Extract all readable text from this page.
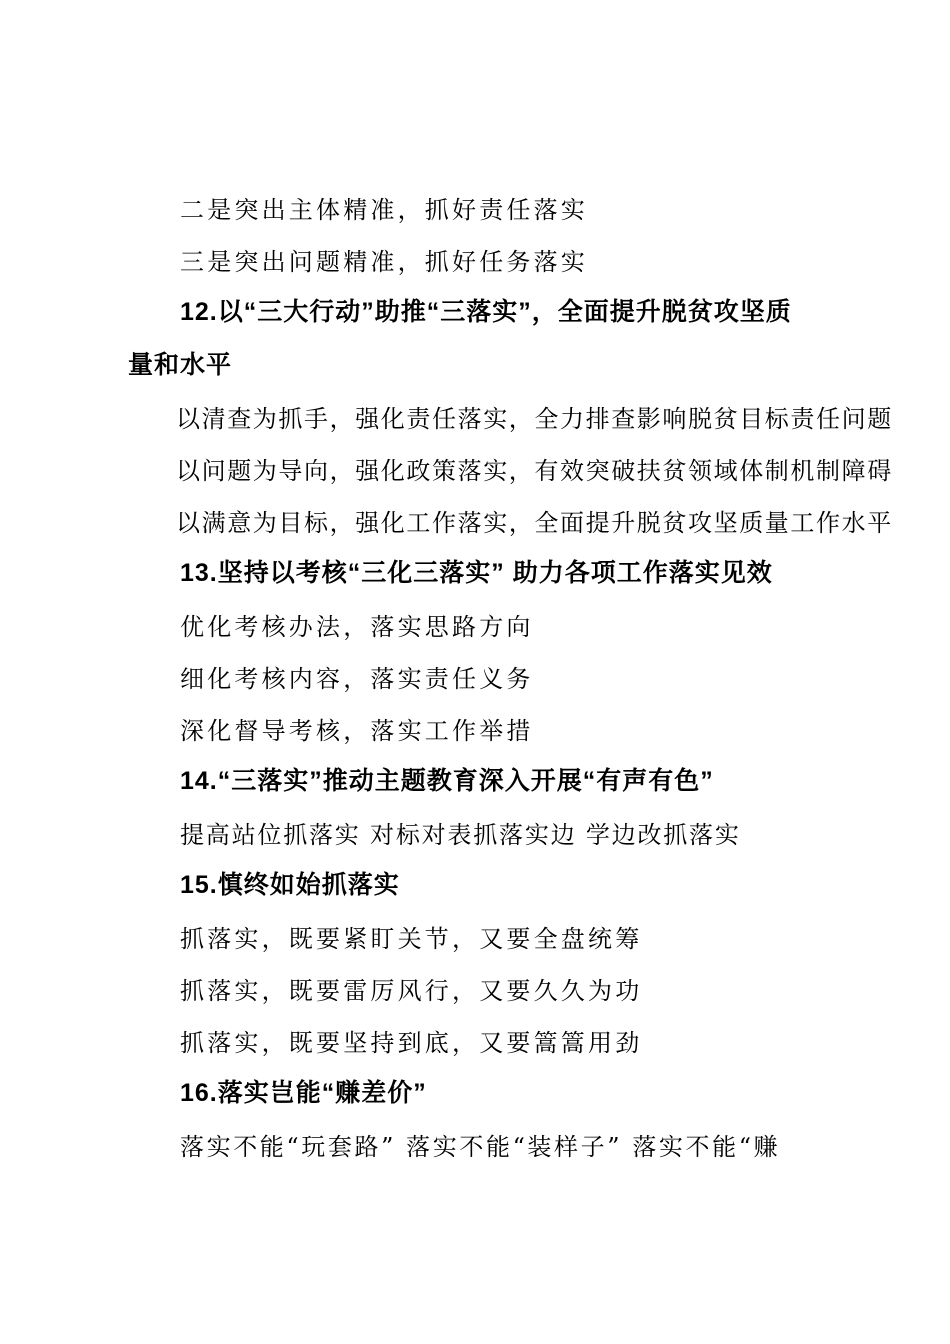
二是突出主体精准，抓好责任落实
三是突出问题精准，抓好任务落实
12.以“三大行动”助推“三落实”，全面提升脱贫攻坚质
量和水平
以清查为抓手，强化责任落实，全力排查影响脱贫目标责任问题
以问题为导向，强化政策落实，有效突破扶贫领域体制机制障碍
以满意为目标，强化工作落实，全面提升脱贫攻坚质量工作水平
13.坚持以考核“三化三落实” 助力各项工作落实见效
优化考核办法，落实思路方向
细化考核内容，落实责任义务
深化督导考核，落实工作举措
14.“三落实”推动主题教育深入开展“有声有色”
提高站位抓落实 对标对表抓落实边 学边改抓落实
15.慎终如始抓落实
抓落实，既要紧盯关节，又要全盘统筹
抓落实，既要雷厉风行，又要久久为功
抓落实，既要坚持到底，又要篙篙用劲
16.落实岂能“赚差价”
落实不能“玩套路” 落实不能“装样子” 落实不能“赚
